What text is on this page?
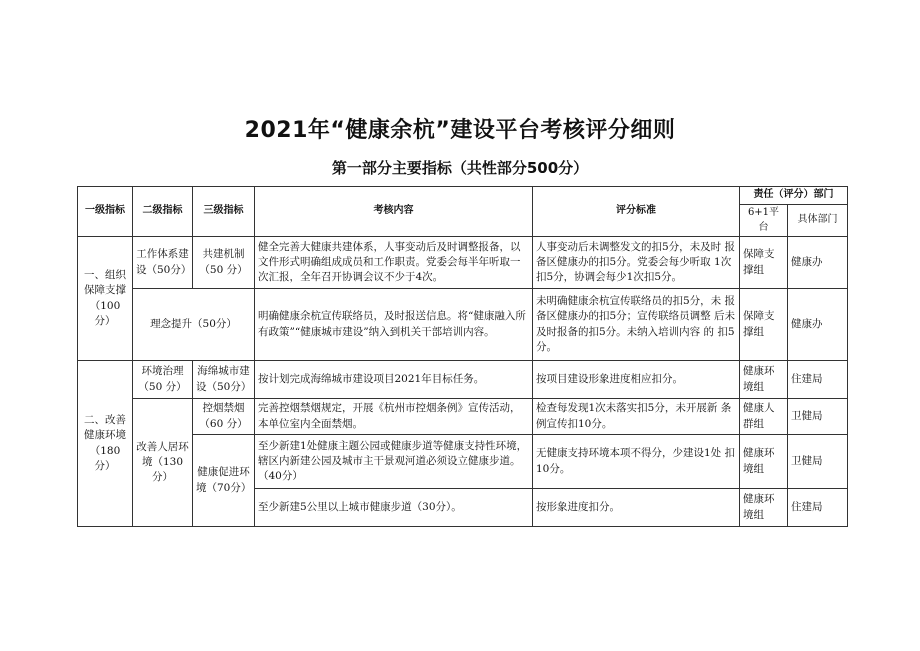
2021年“健康余杭”建设平台考核评分细则
第一部分主要指标（共性部分500分）
一级指标	二级指标	三级指标	考核内容	评分标准	责任（评分）部门	
					6+1平台	具体部门
一、组织保障支撑（100 分）	工作体系建设（50分）	共建机制（50 分）	健全完善大健康共建体系，人事变动后及时调整报备，以文件形式明确组成成员和工作职责。党委会每半年听取一次汇报，全年召开协调会议不少于4次。	人事变动后未调整发文的扣5分，未及时 报备区健康办的扣5分。党委会每少听取 1次扣5分，协调会每少1次扣5分。	保障支撑组	健康办
	理念提升（50分）		明确健康余杭宣传联络员，及时报送信息。将“健康融入所有政策”“健康城市建设”纳入到机关干部培训内容。	未明确健康余杭宣传联络员的扣5分，未 报备区健康办的扣5分；宣传联络员调整 后未及时报备的扣5分。未纳入培训内容 的 扣5分。	保障支撑组	健康办
二、改善健康环境（180 分）	环境治理（50 分）	海绵城市建设（50分）	按计划完成海绵城市建设项目2021年目标任务。	按项目建设形象进度相应扣分。	健康环境组	住建局
	改善人居环境（130分）	控烟禁烟（60 分）	完善控烟禁烟规定，开展《杭州市控烟条例》宣传活动，本单位室内全面禁烟。	检查每发现1次未落实扣5分，未开展新 条例宣传扣10分。	健康人群组	卫健局
		健康促进环境（70分）	至少新建1处健康主题公园或健康步道等健康支持性环境，辖区内新建公园及城市主干景观河道必须设立健康步道。（40分）	无健康支持环境本项不得分，少建设1处 扣10分。	健康环境组	卫健局
			至少新建5公里以上城市健康步道（30分）。	按形象进度扣分。	健康环境组	住建局
